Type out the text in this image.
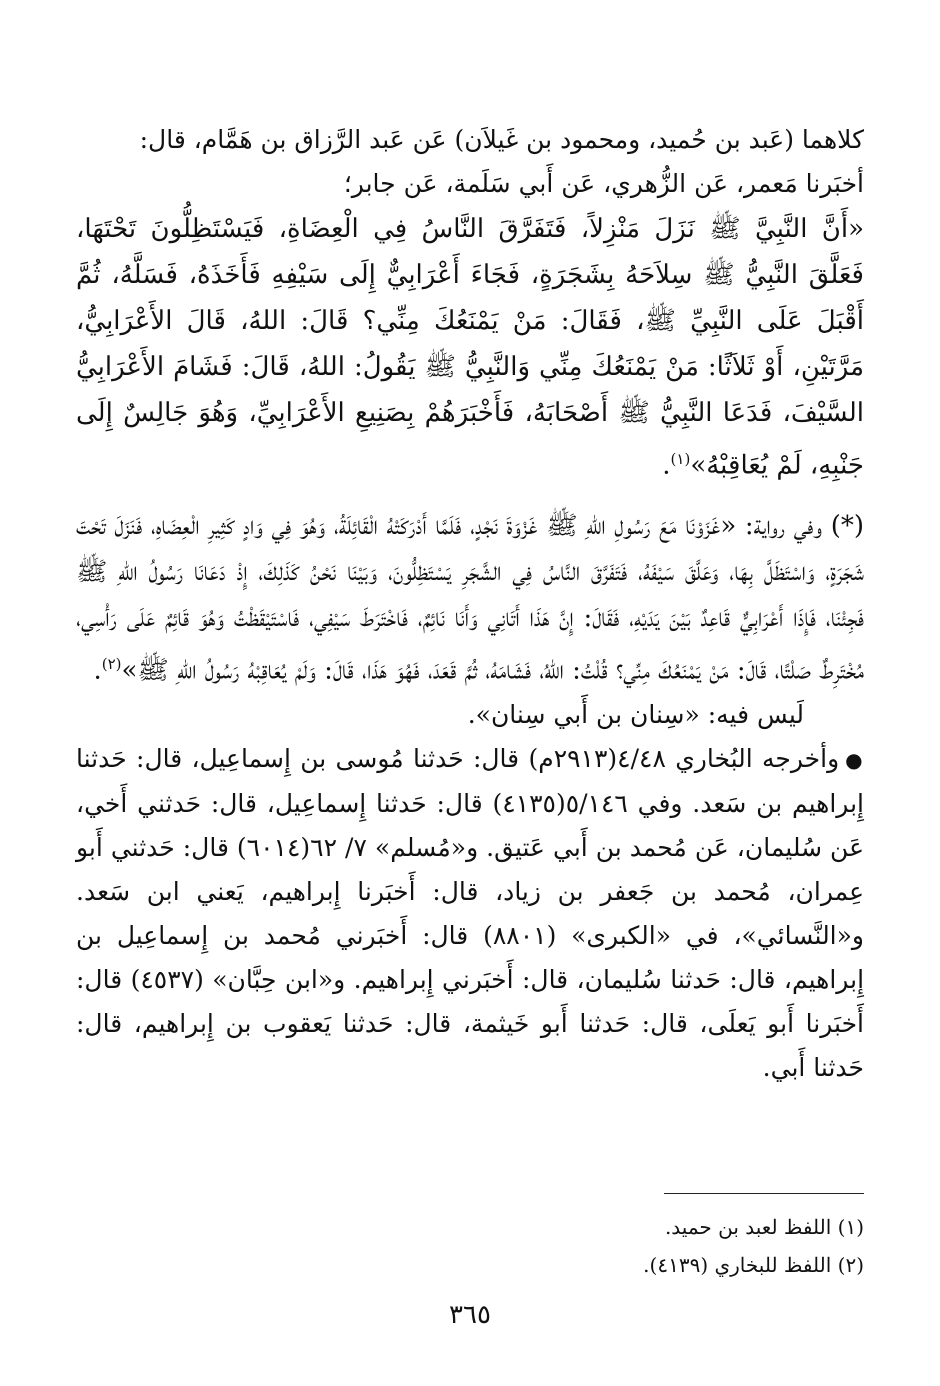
كلاهما (عَبد بن حُميد، ومحمود بن غَيلاَن) عَن عَبد الرَّزاق بن هَمَّام، قال:

أخبَرنا مَعمر، عَن الزُّهري، عَن أَبي سَلَمة، عَن جابر؛

«أَنَّ النَّبِيَّ ﷺ نَزَلَ مَنْزِلاً، فَتَفَرَّقَ النَّاسُ فِي الْعِضَاةِ، فَيَسْتَظِلُّونَ تَحْتَهَا، فَعَلَّقَ النَّبِيُّ ﷺ سِلاَحَهُ بِشَجَرَةٍ، فَجَاءَ أَعْرَابِيٌّ إِلَى سَيْفِهِ فَأَخَذَهُ، فَسَلَّهُ، ثُمَّ أَقْبَلَ عَلَى النَّبِيِّ ﷺ، فَقَالَ: مَنْ يَمْنَعُكَ مِنِّي؟ قَالَ: اللهُ، قَالَ الأَعْرَابِيُّ، مَرَّتَيْنِ، أَوْ ثَلاَثًا: مَنْ يَمْنَعُكَ مِنِّي وَالنَّبِيُّ ﷺ يَقُولُ: اللهُ، قَالَ: فَشَامَ الأَعْرَابِيُّ السَّيْفَ، فَدَعَا النَّبِيُّ ﷺ أَصْحَابَهُ، فَأَخْبَرَهُمْ بِصَنِيعِ الأَعْرَابِيِّ، وَهُوَ جَالِسٌ إِلَى جَنْبِهِ، لَمْ يُعَاقِبْهُ»$^{(١)}$.

(*) وفي رواية: «غَزَوْنَا مَعَ رَسُولِ اللهِ ﷺ غَزْوَةَ نَجْدٍ، فَلَمَّا أَدْرَكَتْهُ الْقَائِلَةُ، وَهُوَ فِي وَادٍ كَثِيرِ الْعِضَاهِ، فَنَزَلَ تَحْتَ شَجَرَةٍ، وَاسْتَظَلَّ بِهَا، وَعَلَّقَ سَيْفَهُ، فَتَفَرَّقَ النَّاسُ فِي الشَّجَرِ يَسْتَظِلُّونَ، وَبَيْنَا نَحْنُ كَذَلِكَ، إِذْ دَعَانَا رَسُولُ اللهِ ﷺ فَجِئْنَا، فَإِذَا أَعْرَابِيٌّ قَاعِدٌ بَيْنَ يَدَيْهِ، فَقَالَ: إِنَّ هَذَا أَتَانِي وَأَنَا نَائِمٌ، فَاخْتَرَطَ سَيْفِي، فَاسْتَيْقَظْتُ وَهُوَ قَائِمٌ عَلَى رَأْسِي، مُخْتَرِطٌ صَلْتًا، قَالَ: مَنْ يَمْنَعُكَ مِنِّي؟ قُلْتُ: اللهُ، فَشَامَهُ، ثُمَّ قَعَدَ، فَهُوَ هَذَا، قَالَ: وَلَمْ يُعَاقِبْهُ رَسُولُ اللهِ ﷺ»$^{(٢)}$.

لَيس فيه: «سِنان بن أَبي سِنان».

●وأخرجه البُخاري ٤/٤٨(٢٩١٣م) قال: حَدثنا مُوسى بن إِسماعِيل، قال: حَدثنا إِبراهيم بن سَعد. وفي ٥/١٤٦(٤١٣٥) قال: حَدثنا إِسماعِيل، قال: حَدثني أَخي، عَن سُليمان، عَن مُحمد بن أَبي عَتيق. و«مُسلم» ٧/ ٦٢(٦٠١٤) قال: حَدثني أَبو عِمران، مُحمد بن جَعفر بن زياد، قال: أَخبَرنا إِبراهيم، يَعني ابن سَعد. و«النَّسائي»، في «الكبرى» (٨٨٠١) قال: أَخبَرني مُحمد بن إِسماعِيل بن إِبراهيم، قال: حَدثنا سُليمان، قال: أَخبَرني إِبراهيم. و«ابن حِبَّان» (٤٥٣٧) قال: أَخبَرنا أَبو يَعلَى، قال: حَدثنا أَبو خَيثمة، قال: حَدثنا يَعقوب بن إِبراهيم، قال: حَدثنا أَبي.

(١) اللفظ لعبد بن حميد.
(٢) اللفظ للبخاري (٤١٣٩).
٣٦٥
